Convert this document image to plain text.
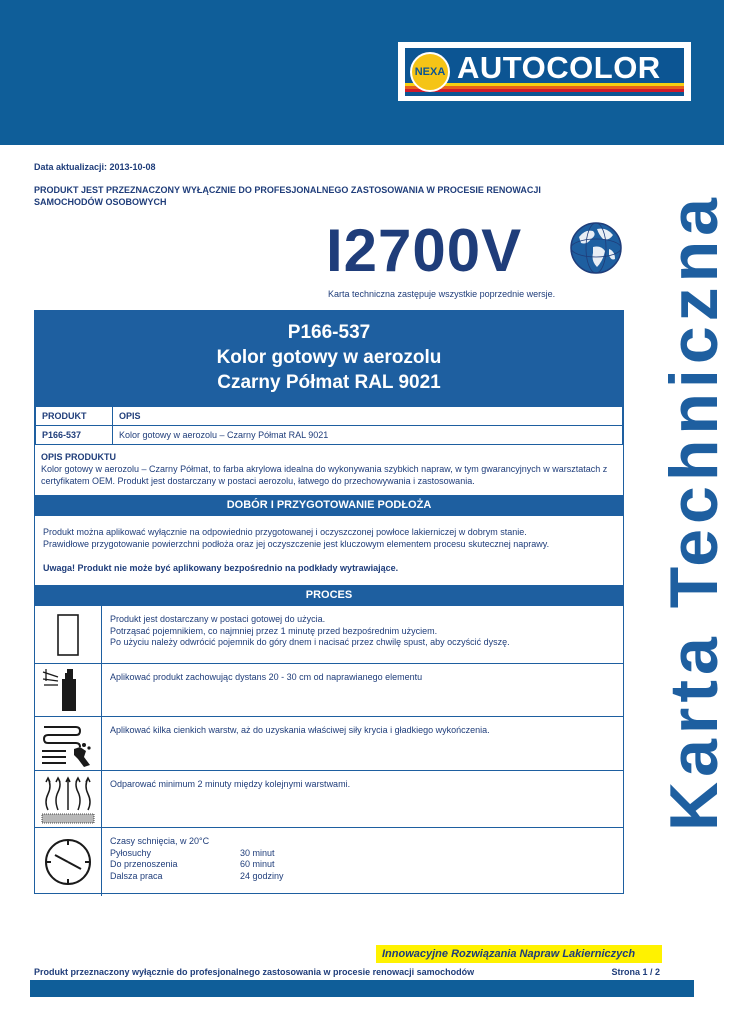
NEXA AUTOCOLOR
Karta Techniczna
Data aktualizacji: 2013-10-08
PRODUKT JEST PRZEZNACZONY WYŁĄCZNIE DO PROFESJONALNEGO ZASTOSOWANIA W PROCESIE RENOWACJI SAMOCHODÓW OSOBOWYCH
I2700V
Karta techniczna zastępuje wszystkie poprzednie wersje.
P166-537
Kolor gotowy w aerozolu
Czarny Półmat RAL 9021
PRODUKT	OPIS
P166-537	Kolor gotowy w aerozolu – Czarny Półmat RAL 9021
OPIS PRODUKTU
Kolor gotowy w aerozolu – Czarny Półmat, to farba akrylowa idealna do wykonywania szybkich napraw, w tym gwarancyjnych w warsztatach z certyfikatem OEM. Produkt jest dostarczany w postaci aerozolu, łatwego do przechowywania i zastosowania.
DOBÓR I PRZYGOTOWANIE PODŁOŻA
Produkt można aplikować wyłącznie na odpowiednio przygotowanej i oczyszczonej powłoce lakierniczej w dobrym stanie.
Prawidłowe przygotowanie powierzchni podłoża oraz jej oczyszczenie jest kluczowym elementem procesu skutecznej naprawy.
Uwaga! Produkt nie może być aplikowany bezpośrednio na podkłady wytrawiające.
PROCES
Produkt jest dostarczany w postaci gotowej do użycia.
Potrząsać pojemnikiem, co najmniej przez 1 minutę przed bezpośrednim użyciem.
Po użyciu należy odwrócić pojemnik do góry dnem i nacisać przez chwilę spust, aby oczyścić dyszę.
Aplikować produkt zachowując dystans 20 - 30 cm od naprawianego elementu
Aplikować kilka cienkich warstw, aż do uzyskania właściwej siły krycia i gładkiego wykończenia.
Odparować minimum 2 minuty między kolejnymi warstwami.
Czasy schnięcia, w 20°C
Pyłosuchy	30 minut
Do przenoszenia	60 minut
Dalsza praca	24 godziny
Innowacyjne Rozwiązania Napraw Lakierniczych
Produkt przeznaczony wyłącznie do profesjonalnego zastosowania w procesie renowacji samochodów	Strona 1 / 2
